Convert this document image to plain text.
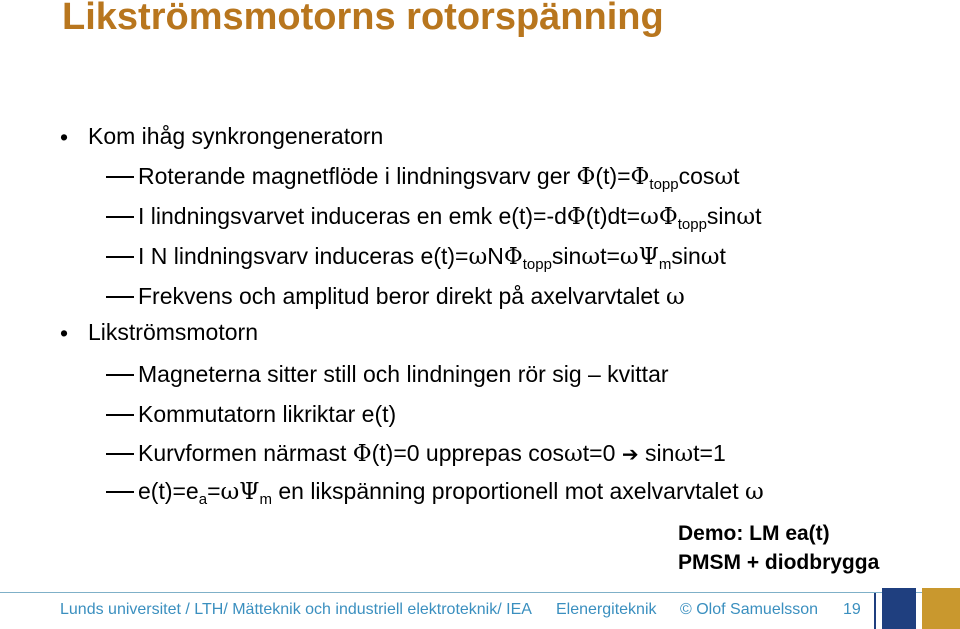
Likströmsmotorns rotorspänning
• Kom ihåg synkrongeneratorn
Roterande magnetflöde i lindningsvarv ger $\Phi(t)=\Phi_{topp}\cos\omega t$
I lindningsvarvet induceras en emk $e(t)=-d\Phi(t)dt=\omega\Phi_{topp}\sin\omega t$
I N lindningsvarv induceras $e(t)=\omega N\Phi_{topp}\sin\omega t=\omega\Psi_m\sin\omega t$
Frekvens och amplitud beror direkt på axelvarvtalet ω
• Likströmsmotorn
Magneterna sitter still och lindningen rör sig – kvittar
Kommutatorn likriktar e(t)
Kurvformen närmast Φ(t)=0 upprepas cosωt=0 ➔ sinωt=1
$e(t)=e_a=\omega\Psi_m$ en likspänning proportionell mot axelvarvtalet ω
Demo: LM ea(t)
PMSM + diodbrygga
Lunds universitet / LTH/ Mätteknik och industriell elektroteknik/ IEA Elenergiteknik © Olof Samuelsson 19
